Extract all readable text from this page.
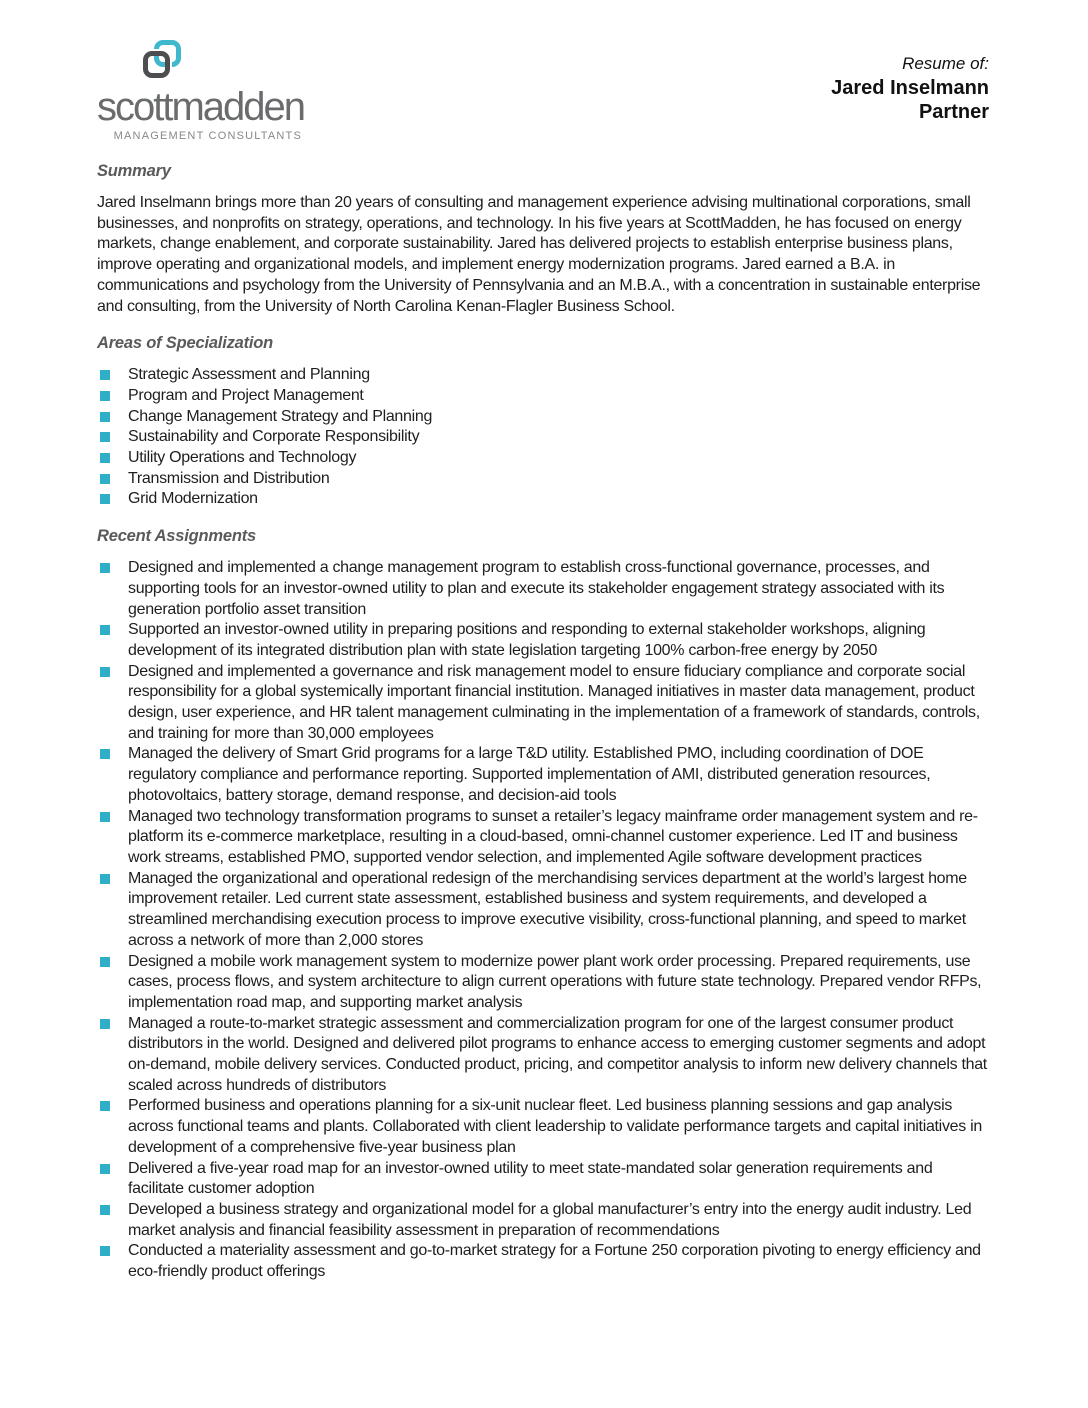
scottmadden
MANAGEMENT CONSULTANTS
Resume of:
Jared Inselmann
Partner
Summary

Jared Inselmann brings more than 20 years of consulting and management experience advising multinational corporations, small businesses, and nonprofits on strategy, operations, and technology. In his five years at ScottMadden, he has focused on energy markets, change enablement, and corporate sustainability. Jared has delivered projects to establish enterprise business plans, improve operating and organizational models, and implement energy modernization programs. Jared earned a B.A. in communications and psychology from the University of Pennsylvania and an M.B.A., with a concentration in sustainable enterprise and consulting, from the University of North Carolina Kenan-Flagler Business School.

Areas of Specialization
Strategic Assessment and Planning
Program and Project Management
Change Management Strategy and Planning
Sustainability and Corporate Responsibility
Utility Operations and Technology
Transmission and Distribution
Grid Modernization
Recent Assignments
Designed and implemented a change management program to establish cross-functional governance, processes, and supporting tools for an investor-owned utility to plan and execute its stakeholder engagement strategy associated with its generation portfolio asset transition
Supported an investor-owned utility in preparing positions and responding to external stakeholder workshops, aligning development of its integrated distribution plan with state legislation targeting 100% carbon-free energy by 2050
Designed and implemented a governance and risk management model to ensure fiduciary compliance and corporate social responsibility for a global systemically important financial institution. Managed initiatives in master data management, product design, user experience, and HR talent management culminating in the implementation of a framework of standards, controls, and training for more than 30,000 employees
Managed the delivery of Smart Grid programs for a large T&D utility. Established PMO, including coordination of DOE regulatory compliance and performance reporting. Supported implementation of AMI, distributed generation resources, photovoltaics, battery storage, demand response, and decision-aid tools
Managed two technology transformation programs to sunset a retailer’s legacy mainframe order management system and re-platform its e-commerce marketplace, resulting in a cloud-based, omni-channel customer experience. Led IT and business work streams, established PMO, supported vendor selection, and implemented Agile software development practices
Managed the organizational and operational redesign of the merchandising services department at the world’s largest home improvement retailer. Led current state assessment, established business and system requirements, and developed a streamlined merchandising execution process to improve executive visibility, cross-functional planning, and speed to market across a network of more than 2,000 stores
Designed a mobile work management system to modernize power plant work order processing. Prepared requirements, use cases, process flows, and system architecture to align current operations with future state technology. Prepared vendor RFPs, implementation road map, and supporting market analysis
Managed a route-to-market strategic assessment and commercialization program for one of the largest consumer product distributors in the world. Designed and delivered pilot programs to enhance access to emerging customer segments and adopt on-demand, mobile delivery services. Conducted product, pricing, and competitor analysis to inform new delivery channels that scaled across hundreds of distributors
Performed business and operations planning for a six-unit nuclear fleet. Led business planning sessions and gap analysis across functional teams and plants. Collaborated with client leadership to validate performance targets and capital initiatives in development of a comprehensive five-year business plan
Delivered a five-year road map for an investor-owned utility to meet state-mandated solar generation requirements and facilitate customer adoption
Developed a business strategy and organizational model for a global manufacturer’s entry into the energy audit industry. Led market analysis and financial feasibility assessment in preparation of recommendations
Conducted a materiality assessment and go-to-market strategy for a Fortune 250 corporation pivoting to energy efficiency and eco-friendly product offerings
